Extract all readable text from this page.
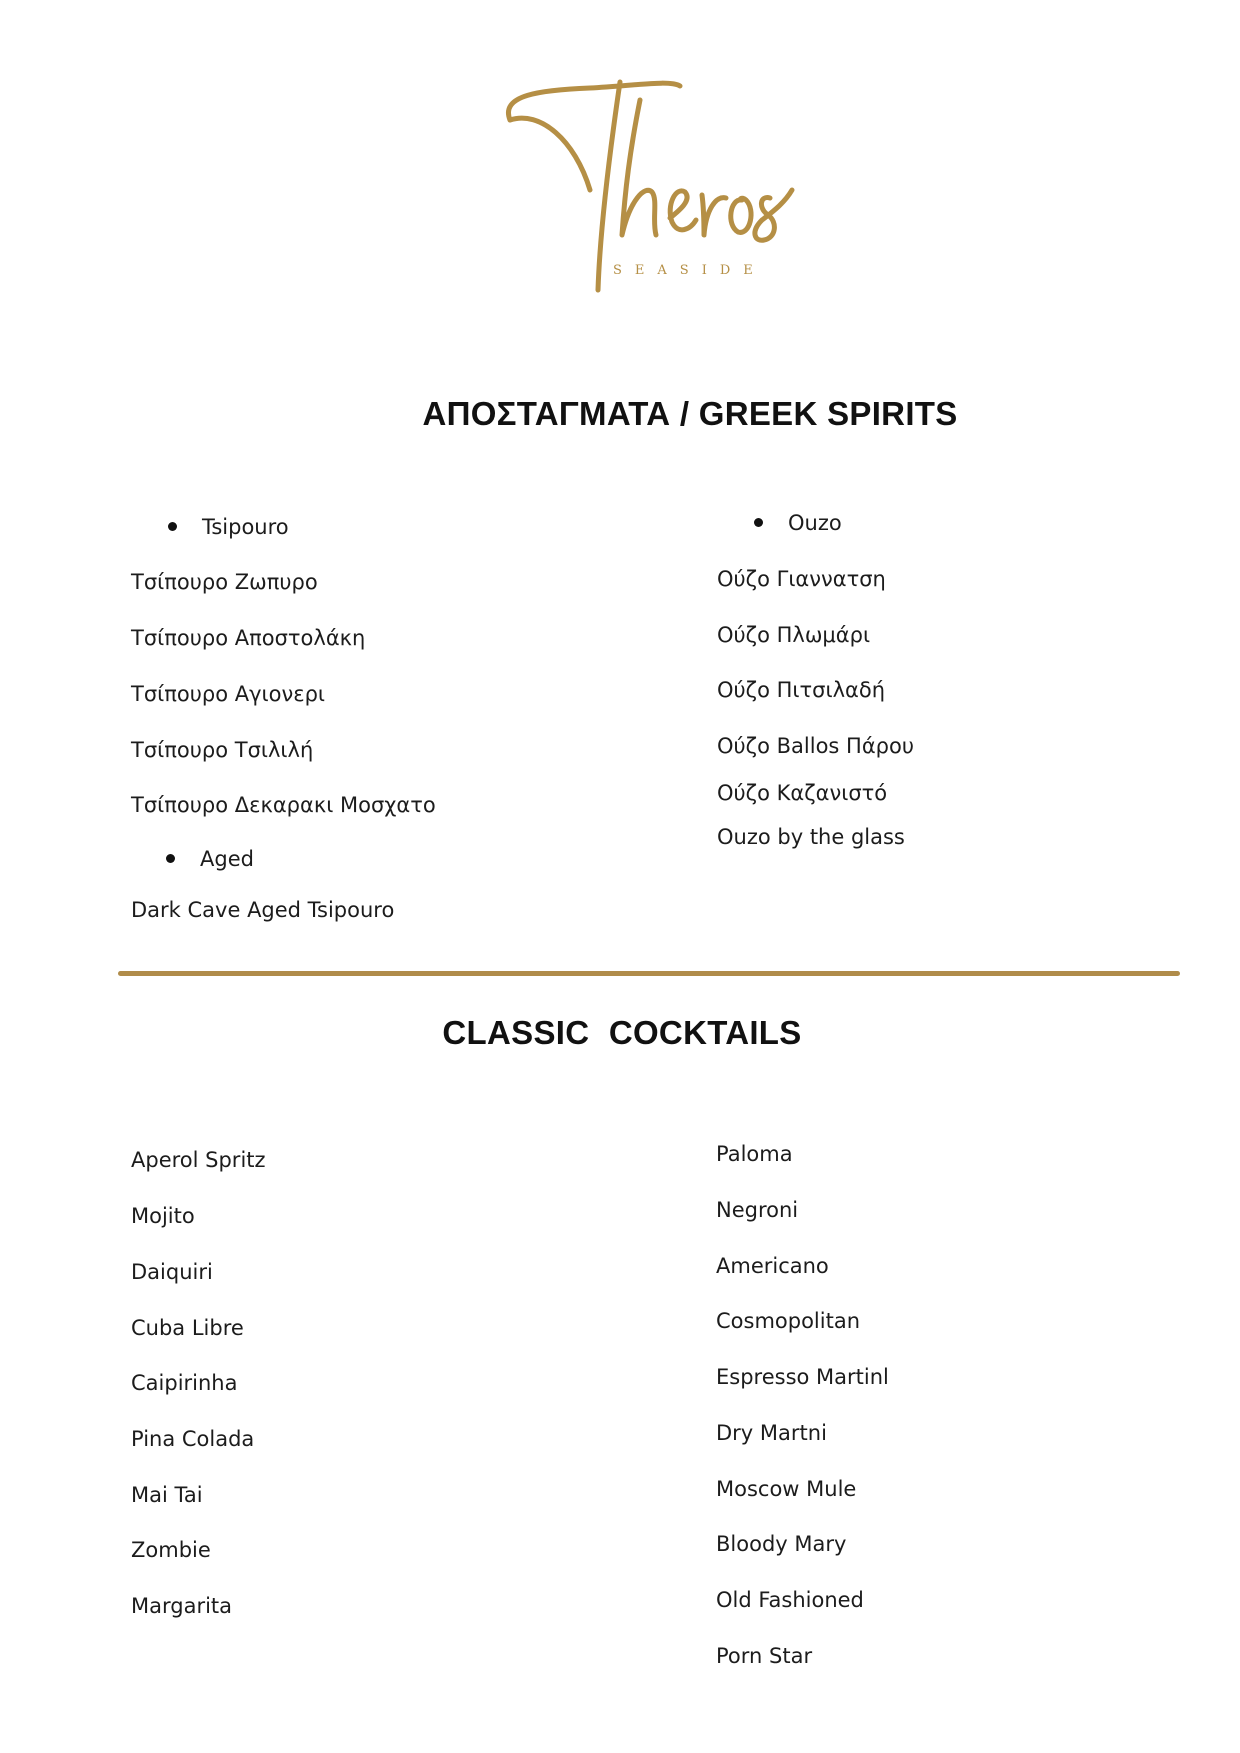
SEASIDE
ΑΠΟΣΤΑΓΜΑΤΑ / GREEK SPIRITS
Tsipouro
Τσίπουρο Ζωπυρο
Τσίπουρο Αποστολάκη
Τσίπουρο Αγιονερι
Τσίπουρο Τσιλιλή
Τσίπουρο Δεκαρακι Μοσχατο
Aged
Dark Cave Aged Tsipouro
Ouzo
Ούζο Γιαννατση
Ούζο Πλωμάρι
Ούζο Πιτσιλαδή
Ούζο Ballos Πάρου
Ούζο Καζανιστό
Ouzo by the glass
CLASSIC COCKTAILS
Aperol Spritz
Mojito
Daiquiri
Cuba Libre
Caipirinha
Pina Colada
Mai Tai
Zombie
Margarita
Paloma
Negroni
Americano
Cosmopolitan
Espresso Martinl
Dry Martni
Moscow Mule
Bloody Mary
Old Fashioned
Porn Star
